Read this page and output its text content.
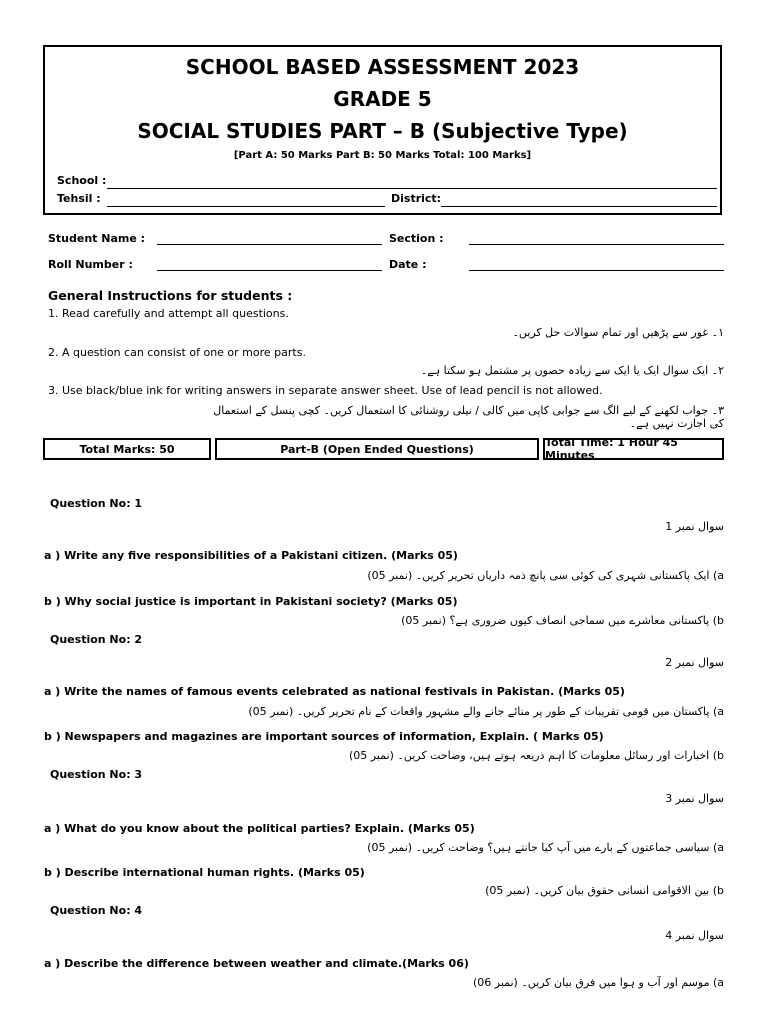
SCHOOL BASED ASSESSMENT 2023
GRADE 5
SOCIAL STUDIES PART – B (Subjective Type)
[Part A: 50 Marks Part B: 50 Marks Total: 100 Marks]
School :
Tehsil :	District:
Student Name :	Section :
Roll Number :	Date :
General Instructions for students :
1. Read carefully and attempt all questions.
۱۔ غور سے پڑھیں اور تمام سوالات حل کریں۔
2. A question can consist of one or more parts.
۲۔ ایک سوال ایک یا ایک سے زیادہ حصوں پر مشتمل ہو سکتا ہے۔
3. Use black/blue ink for writing answers in separate answer sheet. Use of lead pencil is not allowed.
۳۔ جواب لکھنے کے لیے الگ سے جوابی کاپی میں کالی / نیلی روشنائی کا استعمال کریں۔ کچی پنسل کے استعمال کی اجازت نہیں ہے۔
Total Marks: 50	Part-B (Open Ended Questions)	Total Time: 1 Hour 45 Minutes
Question No: 1
سوال نمبر 1
a ) Write any five responsibilities of a Pakistani citizen. (Marks 05)
a) ایک پاکستانی شہری کی کوئی سی پانچ ذمہ داریاں تحریر کریں۔ (نمبر 05)
b ) Why social justice is important in Pakistani society? (Marks 05)
b) پاکستانی معاشرے میں سماجی انصاف کیوں ضروری ہے؟ (نمبر 05)
Question No: 2
سوال نمبر 2
a ) Write the names of famous events celebrated as national festivals in Pakistan. (Marks 05)
a) پاکستان میں قومی تقریبات کے طور پر منائے جانے والے مشہور واقعات کے نام تحریر کریں۔ (نمبر 05)
b ) Newspapers and magazines are important sources of information, Explain. ( Marks 05)
b) اخبارات اور رسائل معلومات کا اہم ذریعہ ہوتے ہیں، وضاحت کریں۔ (نمبر 05)
Question No: 3
سوال نمبر 3
a ) What do you know about the political parties? Explain. (Marks 05)
a) سیاسی جماعتوں کے بارے میں آپ کیا جانتے ہیں؟ وضاحت کریں۔ (نمبر 05)
b ) Describe international human rights. (Marks 05)
b) بین الاقوامی انسانی حقوق بیان کریں۔ (نمبر 05)
Question No: 4
سوال نمبر 4
a ) Describe the difference between weather and climate.(Marks 06)
a) موسم اور آب و ہوا میں فرق بیان کریں۔ (نمبر 06)
